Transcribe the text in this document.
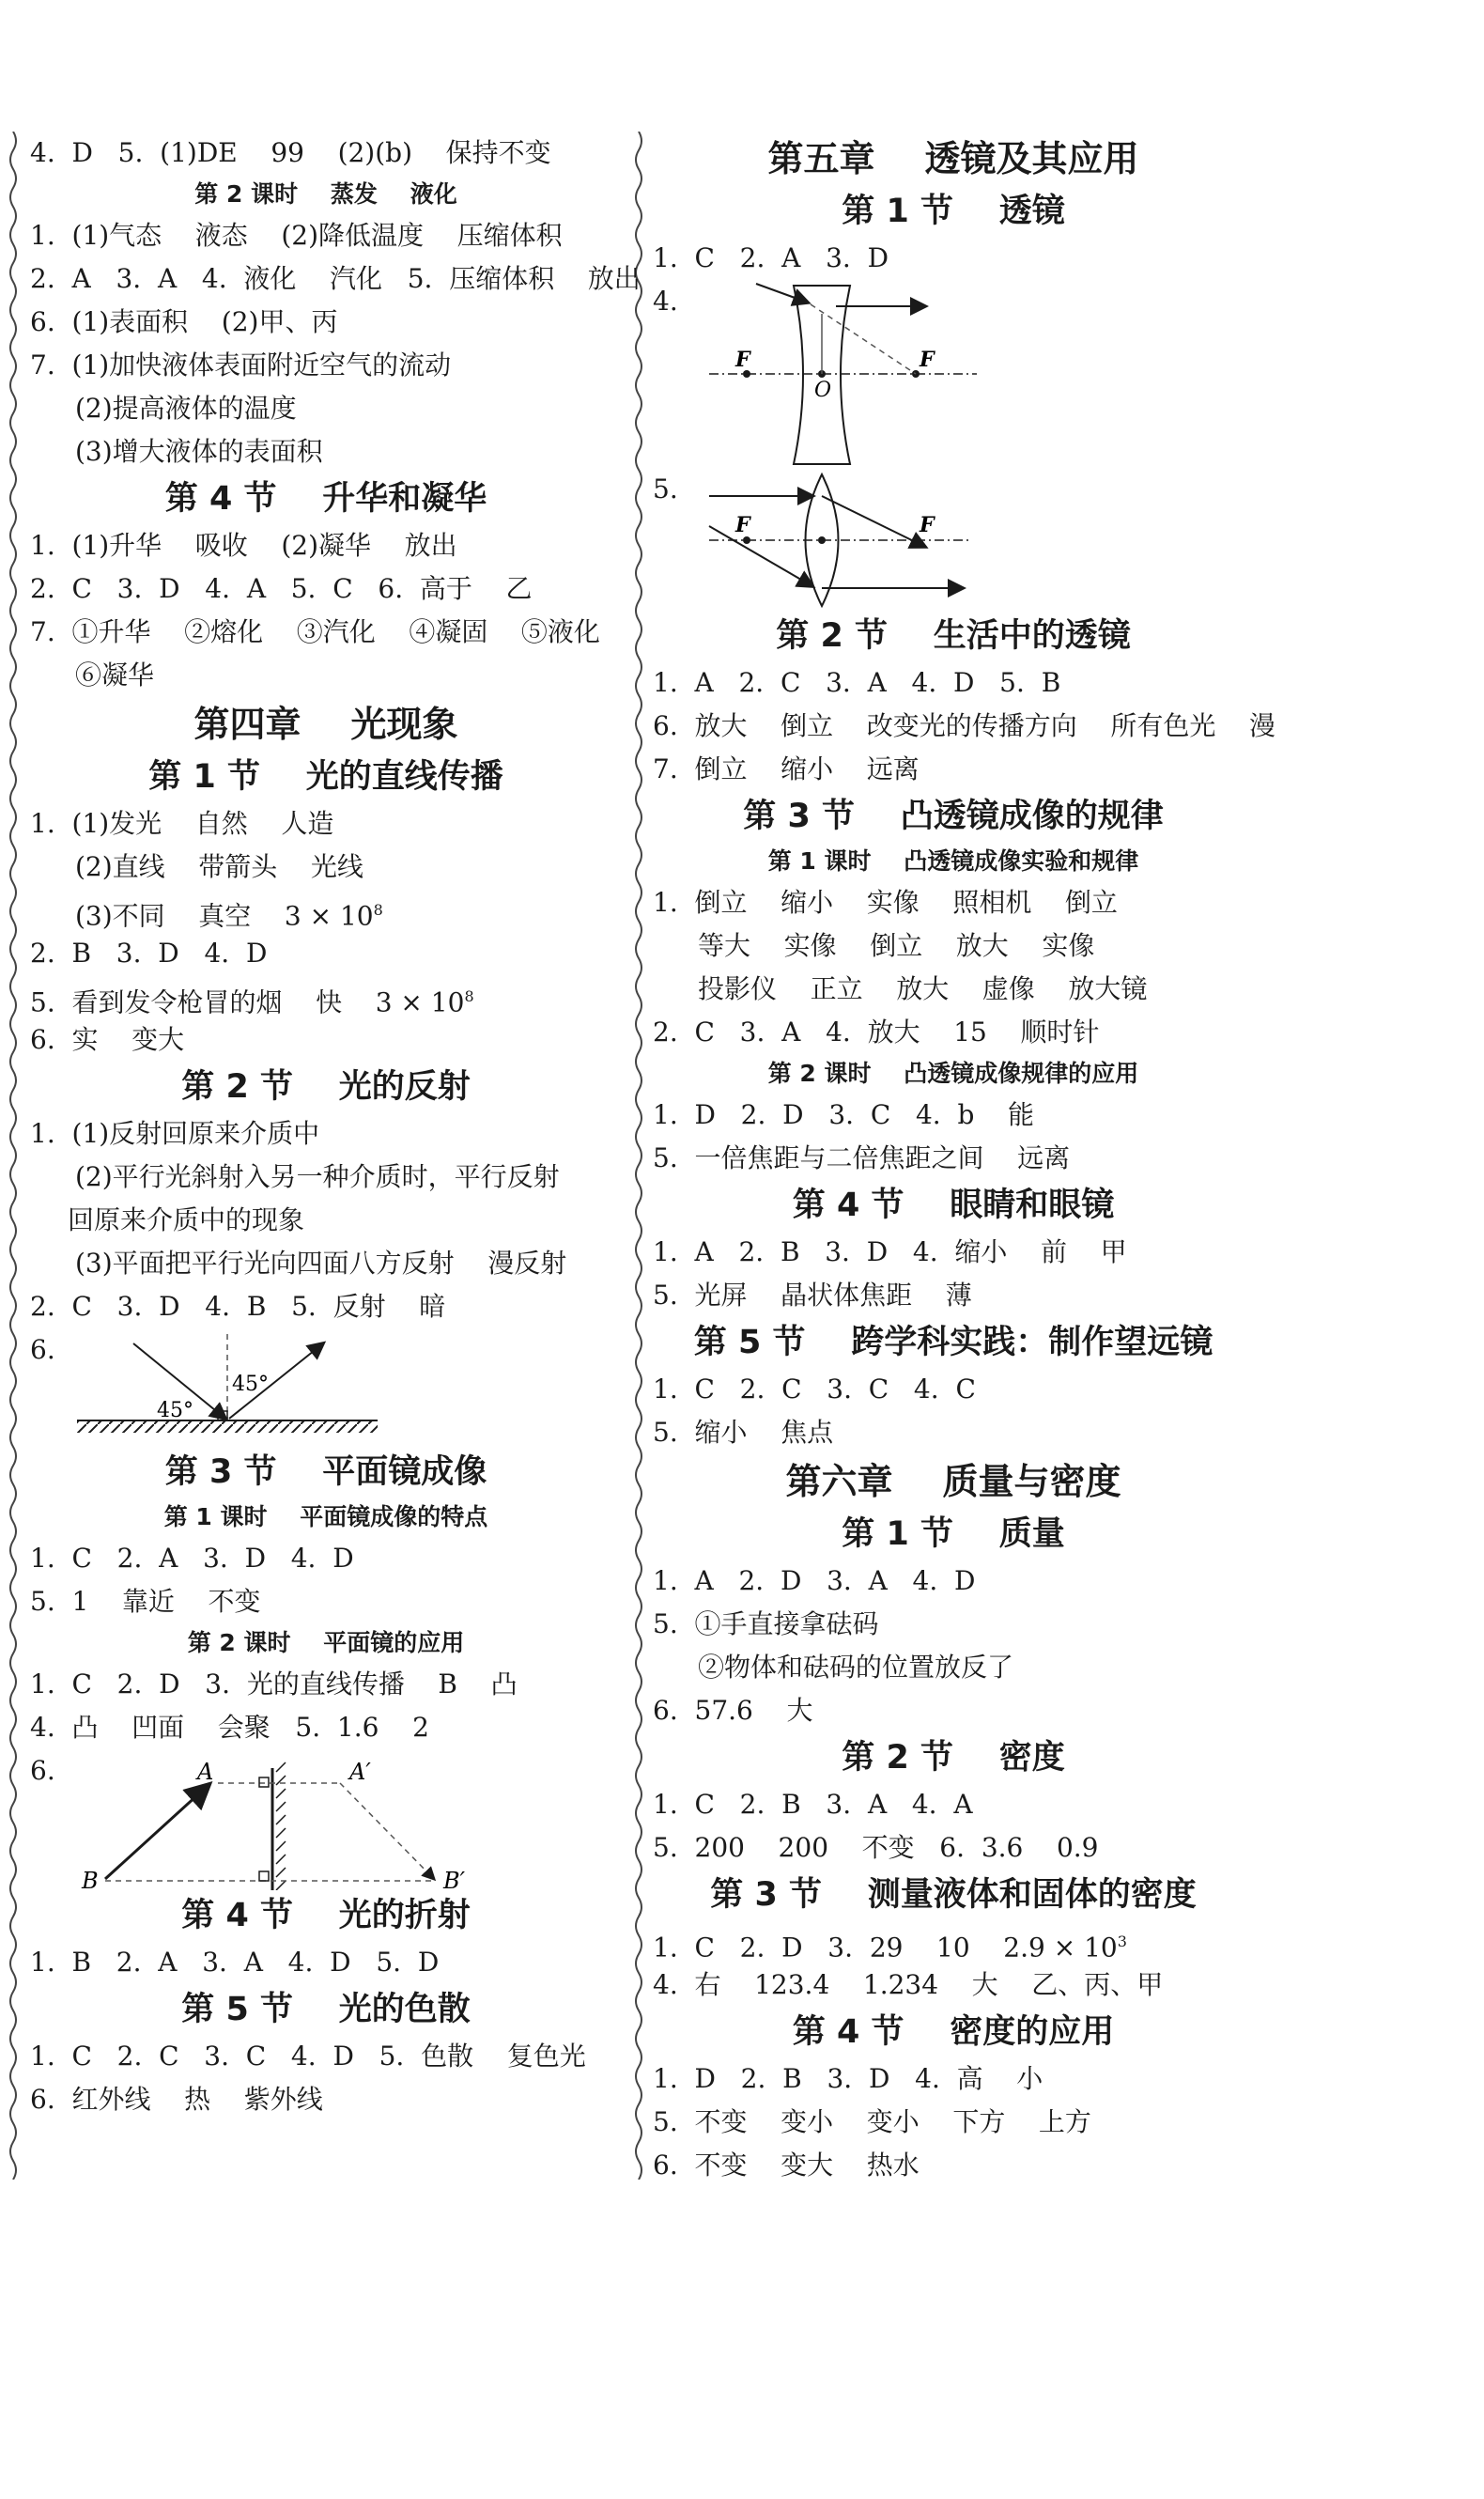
4.  D   5.  (1)DE    99    (2)(b)    保持不变
第 2 课时    蒸发    液化
1.  (1)气态    液态    (2)降低温度    压缩体积
2.  A   3.  A   4.  液化    汽化   5.  压缩体积    放出
6.  (1)表面积    (2)甲、丙
7.  (1)加快液体表面附近空气的流动
(2)提高液体的温度
(3)增大液体的表面积
第 4 节    升华和凝华
1.  (1)升华    吸收    (2)凝华    放出
2.  C   3.  D   4.  A   5.  C   6.  高于    乙
7.  ①升华    ②熔化    ③汽化    ④凝固    ⑤液化
⑥凝华
第四章    光现象
第 1 节    光的直线传播
1.  (1)发光    自然    人造
(2)直线    带箭头    光线
(3)不同    真空    $3 \times 10^8$
2.  B   3.  D   4.  D
5.  看到发令枪冒的烟    快    $3 \times 10^8$
6.  实    变大
第 2 节    光的反射
1.  (1)反射回原来介质中
(2)平行光斜射入另一种介质时，平行反射
回原来介质中的现象
(3)平面把平行光向四面八方反射    漫反射
2.  C   3.  D   4.  B   5.  反射    暗
6.
45°
45°
第 3 节    平面镜成像
第 1 课时    平面镜成像的特点
1.  C   2.  A   3.  D   4.  D
5.  1    靠近    不变
第 2 课时    平面镜的应用
1.  C   2.  D   3.  光的直线传播    B    凸
4.  凸    凹面    会聚   5.  1.6    2
6.	A	A′
B	B′
第 4 节    光的折射
1.  B   2.  A   3.  A   4.  D   5.  D
第 5 节    光的色散
1.  C   2.  C   3.  C   4.  D   5.  色散    复色光
6.  红外线    热    紫外线
第五章    透镜及其应用
第 1 节    透镜
1.  C   2.  A   3.  D
4.
F	F
O
5.
F	F
第 2 节    生活中的透镜
1.  A   2.  C   3.  A   4.  D   5.  B
6.  放大    倒立    改变光的传播方向    所有色光    漫
7.  倒立    缩小    远离
第 3 节    凸透镜成像的规律
第 1 课时    凸透镜成像实验和规律
1.  倒立    缩小    实像    照相机    倒立
等大    实像    倒立    放大    实像
投影仪    正立    放大    虚像    放大镜
2.  C   3.  A   4.  放大    15    顺时针
第 2 课时    凸透镜成像规律的应用
1.  D   2.  D   3.  C   4.  b    能
5.  一倍焦距与二倍焦距之间    远离
第 4 节    眼睛和眼镜
1.  A   2.  B   3.  D   4.  缩小    前    甲
5.  光屏    晶状体焦距    薄
第 5 节    跨学科实践：制作望远镜
1.  C   2.  C   3.  C   4.  C
5.  缩小    焦点
第六章    质量与密度
第 1 节    质量
1.  A   2.  D   3.  A   4.  D
5.  ①手直接拿砝码
②物体和砝码的位置放反了
6.  57.6    大
第 2 节    密度
1.  C   2.  B   3.  A   4.  A
5.  200    200    不变   6.  3.6    0.9
第 3 节    测量液体和固体的密度
1.  C   2.  D   3.  29    10    $2.9 \times 10^3$
4.  右    123.4    1.234    大    乙、丙、甲
第 4 节    密度的应用
1.  D   2.  B   3.  D   4.  高    小
5.  不变    变小    变小    下方    上方
6.  不变    变大    热水
